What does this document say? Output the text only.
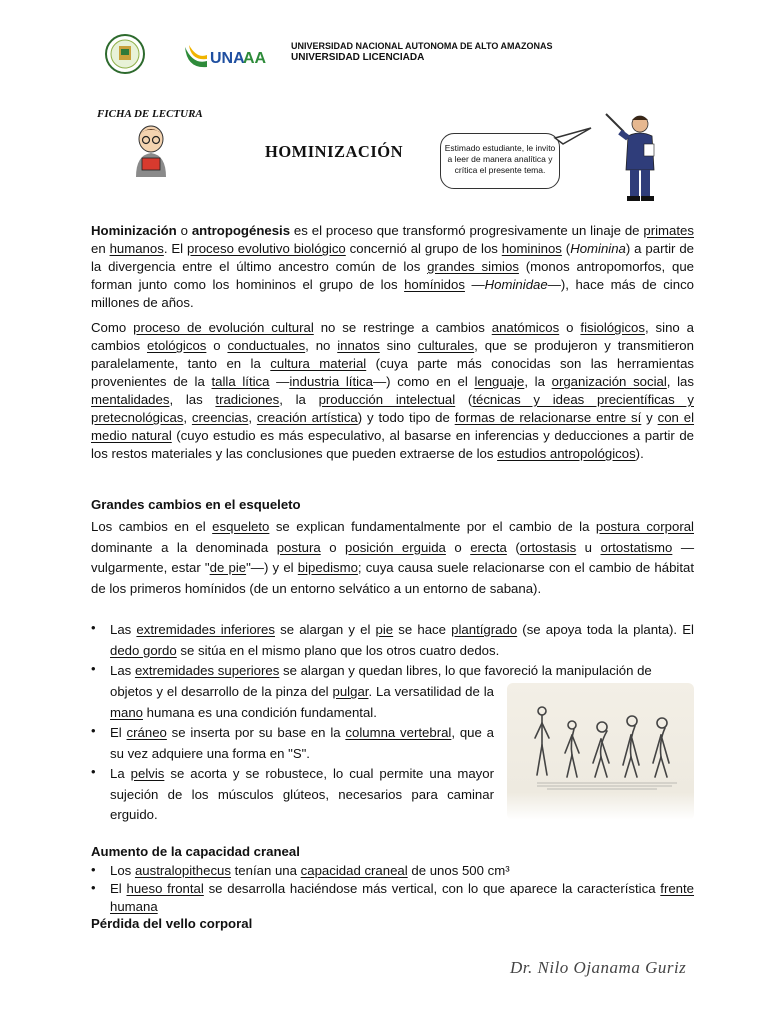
UNA
AA
UNIVERSIDAD NACIONAL AUTONOMA DE ALTO AMAZONAS
UNIVERSIDAD LICENCIADA
FICHA DE LECTURA
HOMINIZACIÓN	Estimado estudiante, le invito
a leer de manera analítica y
crítica el presente tema.
Hominización o antropogénesis es el proceso que transformó progresivamente un linaje de primates en humanos. El proceso evolutivo biológico concernió al grupo de los homininos (Hominina) a partir de la divergencia entre el último ancestro común de los grandes simios (monos antropomorfos, que forman junto como los homininos el grupo de los homínidos —Hominidae—), hace más de cinco millones de años.
Como proceso de evolución cultural no se restringe a cambios anatómicos o fisiológicos, sino a cambios etológicos o conductuales, no innatos sino culturales, que se produjeron y transmitieron paralelamente, tanto en la cultura material (cuya parte más conocidas son las herramientas provenientes de la talla lítica —industria lítica—) como en el lenguaje, la organización social, las mentalidades, las tradiciones, la producción intelectual (técnicas y ideas precientíficas y pretecnológicas, creencias, creación artística) y todo tipo de formas de relacionarse entre sí y con el medio natural (cuyo estudio es más especulativo, al basarse en inferencias y deducciones a partir de los restos materiales y las conclusiones que pueden extraerse de los estudios antropológicos).
Grandes cambios en el esqueleto
Los cambios en el esqueleto se explican fundamentalmente por el cambio de la postura corporal dominante a la denominada postura o posición erguida o erecta (ortostasis u ortostatismo —vulgarmente, estar "de pie"—) y el bipedismo; cuya causa suele relacionarse con el cambio de hábitat de los primeros homínidos (de un entorno selvático a un entorno de sabana).
• Las extremidades inferiores se alargan y el pie se hace plantígrado (se apoya toda la planta). El dedo gordo se sitúa en el mismo plano que los otros cuatro dedos.
• Las extremidades superiores se alargan y quedan libres, lo que favoreció la manipulación de
objetos y el desarrollo de la pinza del pulgar. La versatilidad de la mano humana es una condición fundamental.
• El cráneo se inserta por su base en la columna vertebral, que a su vez adquiere una forma en "S".
• La pelvis se acorta y se robustece, lo cual permite una mayor sujeción de los músculos glúteos, necesarios para caminar erguido.
Aumento de la capacidad craneal
• Los australopithecus tenían una capacidad craneal de unos 500 cm³
• El hueso frontal se desarrolla haciéndose más vertical, con lo que aparece la característica frente humana
Pérdida del vello corporal
Dr. Nilo Ojanama Guriz
